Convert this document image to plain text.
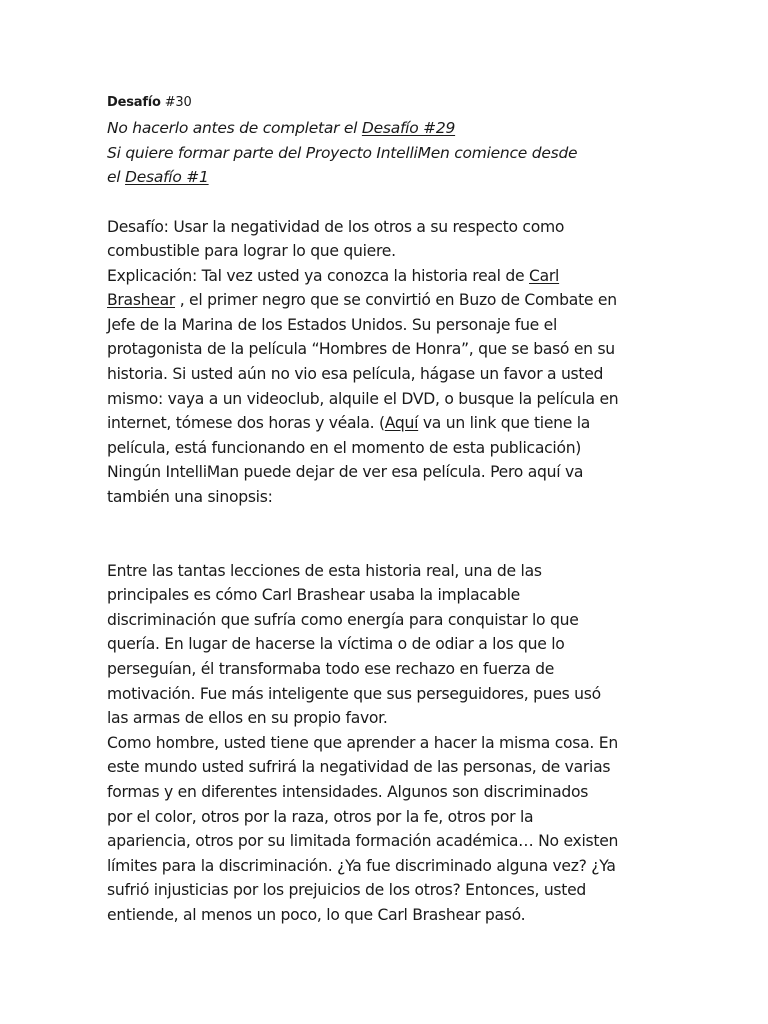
Desafío #30
No hacerlo antes de completar el Desafío #29
Si quiere formar parte del Proyecto IntelliMen comience desde
el Desafío #1
Desafío: Usar la negatividad de los otros a su respecto como
combustible para lograr lo que quiere.
Explicación: Tal vez usted ya conozca la historia real de Carl
Brashear , el primer negro que se convirtió en Buzo de Combate en
Jefe de la Marina de los Estados Unidos. Su personaje fue el
protagonista de la película “Hombres de Honra”, que se basó en su
historia. Si usted aún no vio esa película, hágase un favor a usted
mismo: vaya a un videoclub, alquile el DVD, o busque la película en
internet, tómese dos horas y véala. (Aquí va un link que tiene la
película, está funcionando en el momento de esta publicación)
Ningún IntelliMan puede dejar de ver esa película. Pero aquí va
también una sinopsis:
Entre las tantas lecciones de esta historia real, una de las
principales es cómo Carl Brashear usaba la implacable
discriminación que sufría como energía para conquistar lo que
quería. En lugar de hacerse la víctima o de odiar a los que lo
perseguían, él transformaba todo ese rechazo en fuerza de
motivación. Fue más inteligente que sus perseguidores, pues usó
las armas de ellos en su propio favor.
Como hombre, usted tiene que aprender a hacer la misma cosa. En
este mundo usted sufrirá la negatividad de las personas, de varias
formas y en diferentes intensidades. Algunos son discriminados
por el color, otros por la raza, otros por la fe, otros por la
apariencia, otros por su limitada formación académica… No existen
límites para la discriminación. ¿Ya fue discriminado alguna vez? ¿Ya
sufrió injusticias por los prejuicios de los otros? Entonces, usted
entiende, al menos un poco, lo que Carl Brashear pasó.
